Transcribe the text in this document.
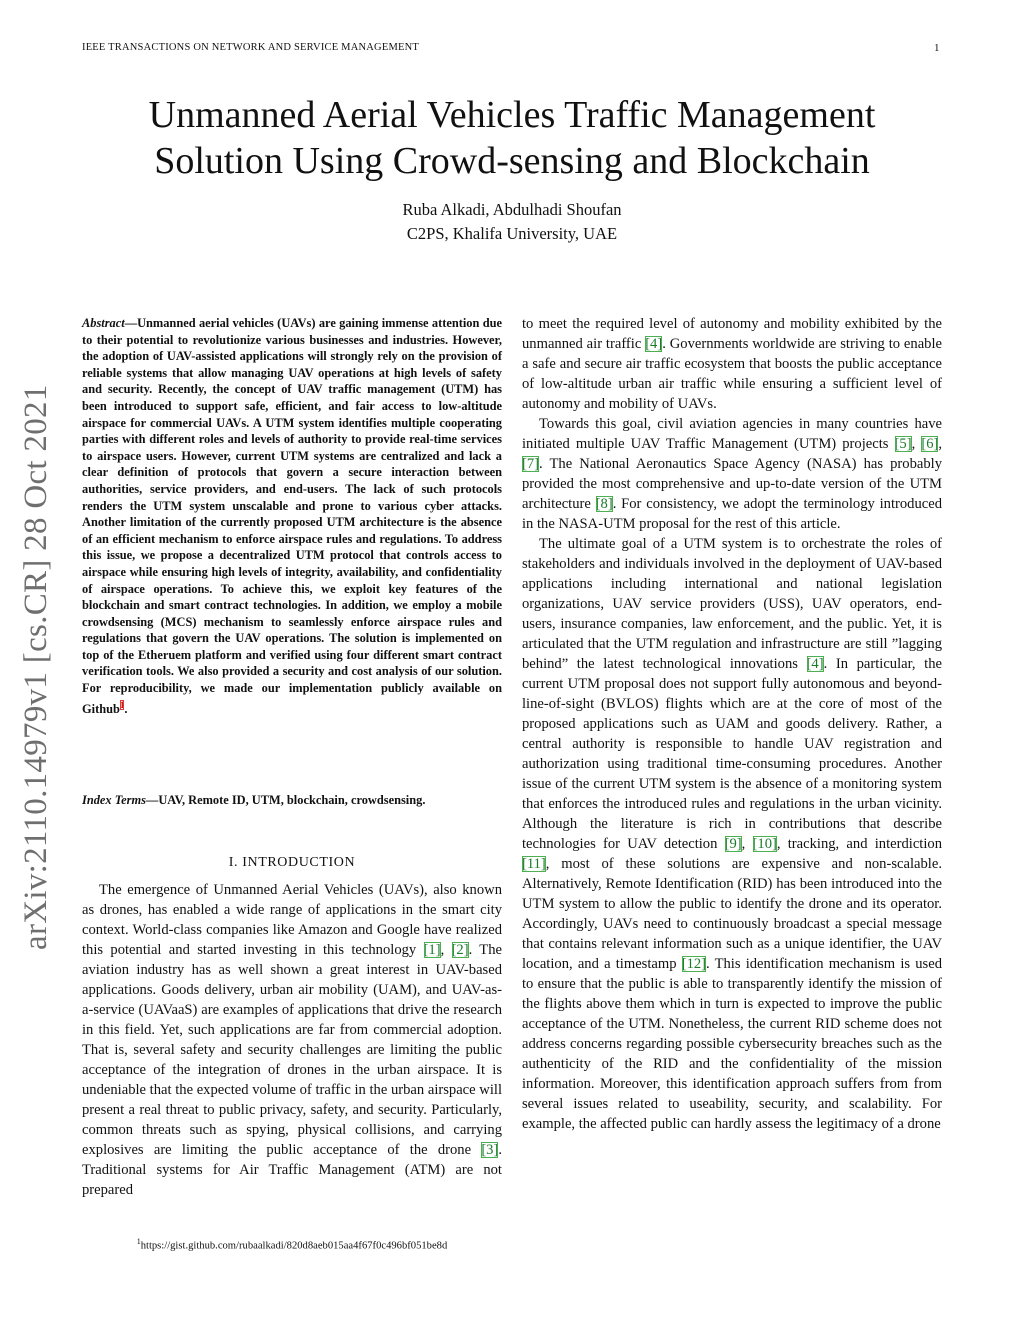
IEEE TRANSACTIONS ON NETWORK AND SERVICE MANAGEMENT	1
arXiv:2110.14979v1 [cs.CR] 28 Oct 2021
Unmanned Aerial Vehicles Traffic Management
Solution Using Crowd-sensing and Blockchain
Ruba Alkadi, Abdulhadi Shoufan
C2PS, Khalifa University, UAE
Abstract—Unmanned aerial vehicles (UAVs) are gaining immense attention due to their potential to revolutionize various businesses and industries. However, the adoption of UAV-assisted applications will strongly rely on the provision of reliable systems that allow managing UAV operations at high levels of safety and security. Recently, the concept of UAV traffic management (UTM) has been introduced to support safe, efficient, and fair access to low-altitude airspace for commercial UAVs. A UTM system identifies multiple cooperating parties with different roles and levels of authority to provide real-time services to airspace users. However, current UTM systems are centralized and lack a clear definition of protocols that govern a secure interaction between authorities, service providers, and end-users. The lack of such protocols renders the UTM system unscalable and prone to various cyber attacks. Another limitation of the currently proposed UTM architecture is the absence of an efficient mechanism to enforce airspace rules and regulations. To address this issue, we propose a decentralized UTM protocol that controls access to airspace while ensuring high levels of integrity, availability, and confidentiality of airspace operations. To achieve this, we exploit key features of the blockchain and smart contract technologies. In addition, we employ a mobile crowdsensing (MCS) mechanism to seamlessly enforce airspace rules and regulations that govern the UAV operations. The solution is implemented on top of the Etheruem platform and verified using four different smart contract verification tools. We also provided a security and cost analysis of our solution. For reproducibility, we made our implementation publicly available on Github$^1$.
Index Terms—UAV, Remote ID, UTM, blockchain, crowdsensing.
I. INTRODUCTION

The emergence of Unmanned Aerial Vehicles (UAVs), also known as drones, has enabled a wide range of applications in the smart city context. World-class companies like Amazon and Google have realized this potential and started investing in this technology [1], [2]. The aviation industry has as well shown a great interest in UAV-based applications. Goods delivery, urban air mobility (UAM), and UAV-as-a-service (UAVaaS) are examples of applications that drive the research in this field. Yet, such applications are far from commercial adoption. That is, several safety and security challenges are limiting the public acceptance of the integration of drones in the urban airspace. It is undeniable that the expected volume of traffic in the urban airspace will present a real threat to public privacy, safety, and security. Particularly, common threats such as spying, physical collisions, and carrying explosives are limiting the public acceptance of the drone [3]. Traditional systems for Air Traffic Management (ATM) are not prepared

$^1$https://gist.github.com/rubaalkadi/820d8aeb015aa4f67f0c496bf051be8d

to meet the required level of autonomy and mobility exhibited by the unmanned air traffic [4]. Governments worldwide are striving to enable a safe and secure air traffic ecosystem that boosts the public acceptance of low-altitude urban air traffic while ensuring a sufficient level of autonomy and mobility of UAVs.

Towards this goal, civil aviation agencies in many countries have initiated multiple UAV Traffic Management (UTM) projects [5], [6], [7]. The National Aeronautics Space Agency (NASA) has probably provided the most comprehensive and up-to-date version of the UTM architecture [8]. For consistency, we adopt the terminology introduced in the NASA-UTM proposal for the rest of this article.

The ultimate goal of a UTM system is to orchestrate the roles of stakeholders and individuals involved in the deployment of UAV-based applications including international and national legislation organizations, UAV service providers (USS), UAV operators, end-users, insurance companies, law enforcement, and the public. Yet, it is articulated that the UTM regulation and infrastructure are still ”lagging behind” the latest technological innovations [4]. In particular, the current UTM proposal does not support fully autonomous and beyond-line-of-sight (BVLOS) flights which are at the core of most of the proposed applications such as UAM and goods delivery. Rather, a central authority is responsible to handle UAV registration and authorization using traditional time-consuming procedures. Another issue of the current UTM system is the absence of a monitoring system that enforces the introduced rules and regulations in the urban vicinity. Although the literature is rich in contributions that describe technologies for UAV detection [9], [10], tracking, and interdiction [11], most of these solutions are expensive and non-scalable. Alternatively, Remote Identification (RID) has been introduced into the UTM system to allow the public to identify the drone and its operator. Accordingly, UAVs need to continuously broadcast a special message that contains relevant information such as a unique identifier, the UAV location, and a timestamp [12]. This identification mechanism is used to ensure that the public is able to transparently identify the mission of the flights above them which in turn is expected to improve the public acceptance of the UTM. Nonetheless, the current RID scheme does not address concerns regarding possible cybersecurity breaches such as the authenticity of the RID and the confidentiality of the mission information. Moreover, this identification approach suffers from from several issues related to useability, security, and scalability. For example, the affected public can hardly assess the legitimacy of a drone
